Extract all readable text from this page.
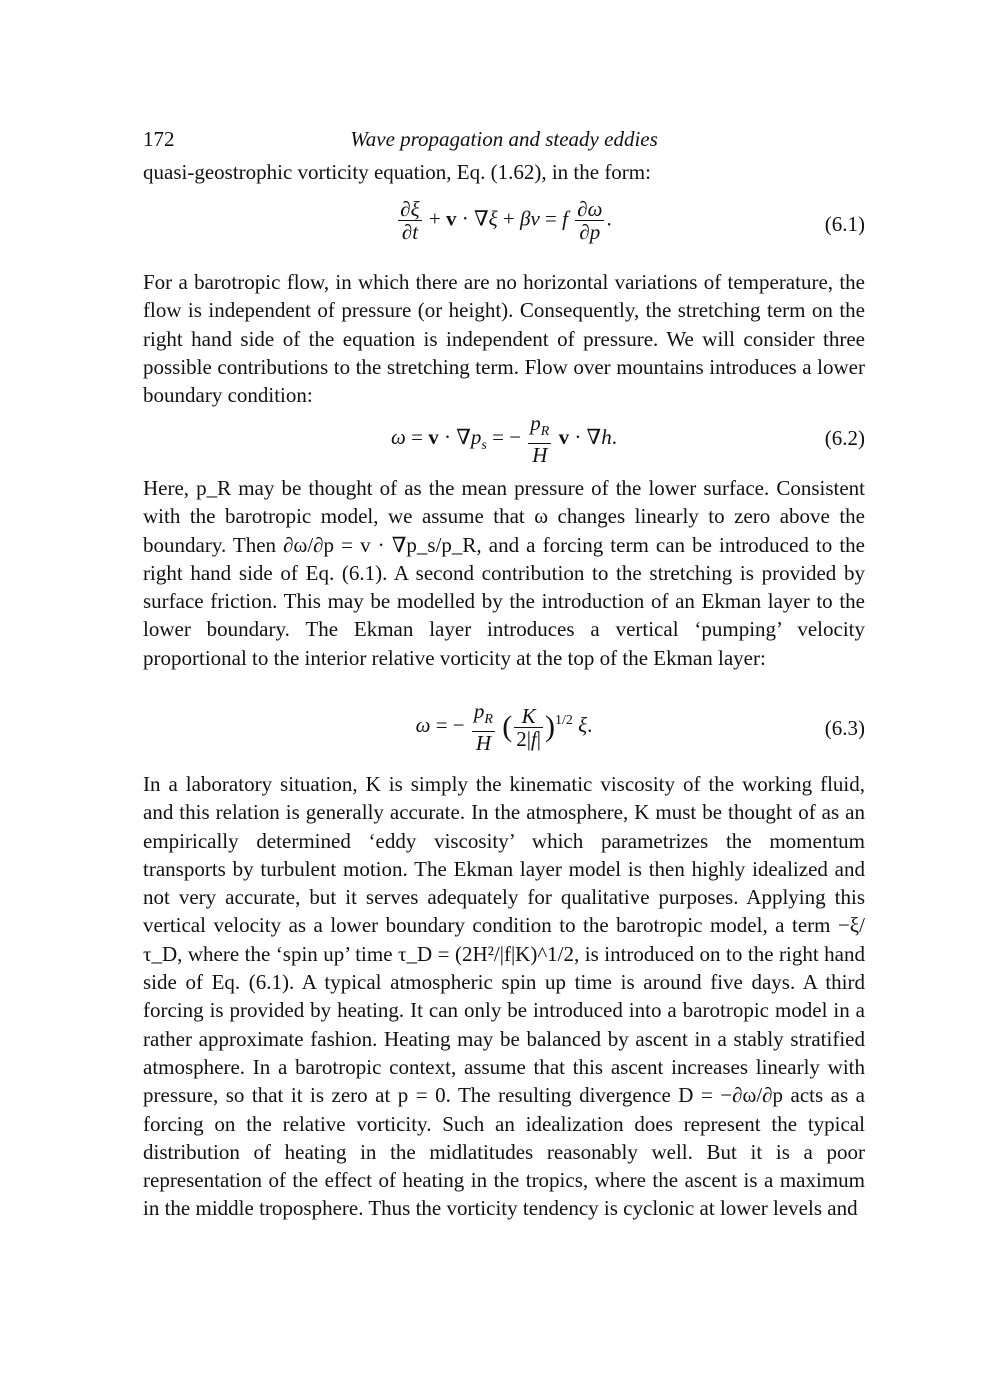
172	Wave propagation and steady eddies

quasi-geostrophic vorticity equation, Eq. (1.62), in the form:

$\frac{\partial\xi}{\partial t} + v \cdot \nabla\xi + \beta v = f \frac{\partial\omega}{\partial p}$ .	(6.1)

For a barotropic flow, in which there are no horizontal variations of temperature, the flow is independent of pressure (or height). Consequently, the stretching term on the right hand side of the equation is independent of pressure. We will consider three possible contributions to the stretching term. Flow over mountains introduces a lower boundary condition:

$\omega = v \cdot \nabla p_s$ = − $\frac{p_R}{H}$ v · ∇h.	(6.2)

Here, p_R may be thought of as the mean pressure of the lower surface. Consistent with the barotropic model, we assume that ω changes linearly to zero above the boundary. Then ∂ω/∂p = v · ∇p_s/p_R, and a forcing term can be introduced to the right hand side of Eq. (6.1). A second contribution to the stretching is provided by surface friction. This may be modelled by the introduction of an Ekman layer to the lower boundary. The Ekman layer introduces a vertical ‘pumping’ velocity proportional to the interior relative vorticity at the top of the Ekman layer:

ω = − $\frac{p_R}{H}$ ( $\frac{K}{2|f|} )^{1/2}$ ξ.	(6.3)

In a laboratory situation, K is simply the kinematic viscosity of the working fluid, and this relation is generally accurate. In the atmosphere, K must be thought of as an empirically determined ‘eddy viscosity’ which parametrizes the momentum transports by turbulent motion. The Ekman layer model is then highly idealized and not very accurate, but it serves adequately for qualitative purposes. Applying this vertical velocity as a lower boundary condition to the barotropic model, a term −ξ/τ_D, where the ‘spin up’ time τ_D = (2H²/|f|K)^1/2, is introduced on to the right hand side of Eq. (6.1). A typical atmospheric spin up time is around five days. A third forcing is provided by heating. It can only be introduced into a barotropic model in a rather approximate fashion. Heating may be balanced by ascent in a stably stratified atmosphere. In a barotropic context, assume that this ascent increases linearly with pressure, so that it is zero at p = 0. The resulting divergence D = −∂ω/∂p acts as a forcing on the relative vorticity. Such an idealization does represent the typical distribution of heating in the midlatitudes reasonably well. But it is a poor representation of the effect of heating in the tropics, where the ascent is a maximum in the middle troposphere. Thus the vorticity tendency is cyclonic at lower levels and
